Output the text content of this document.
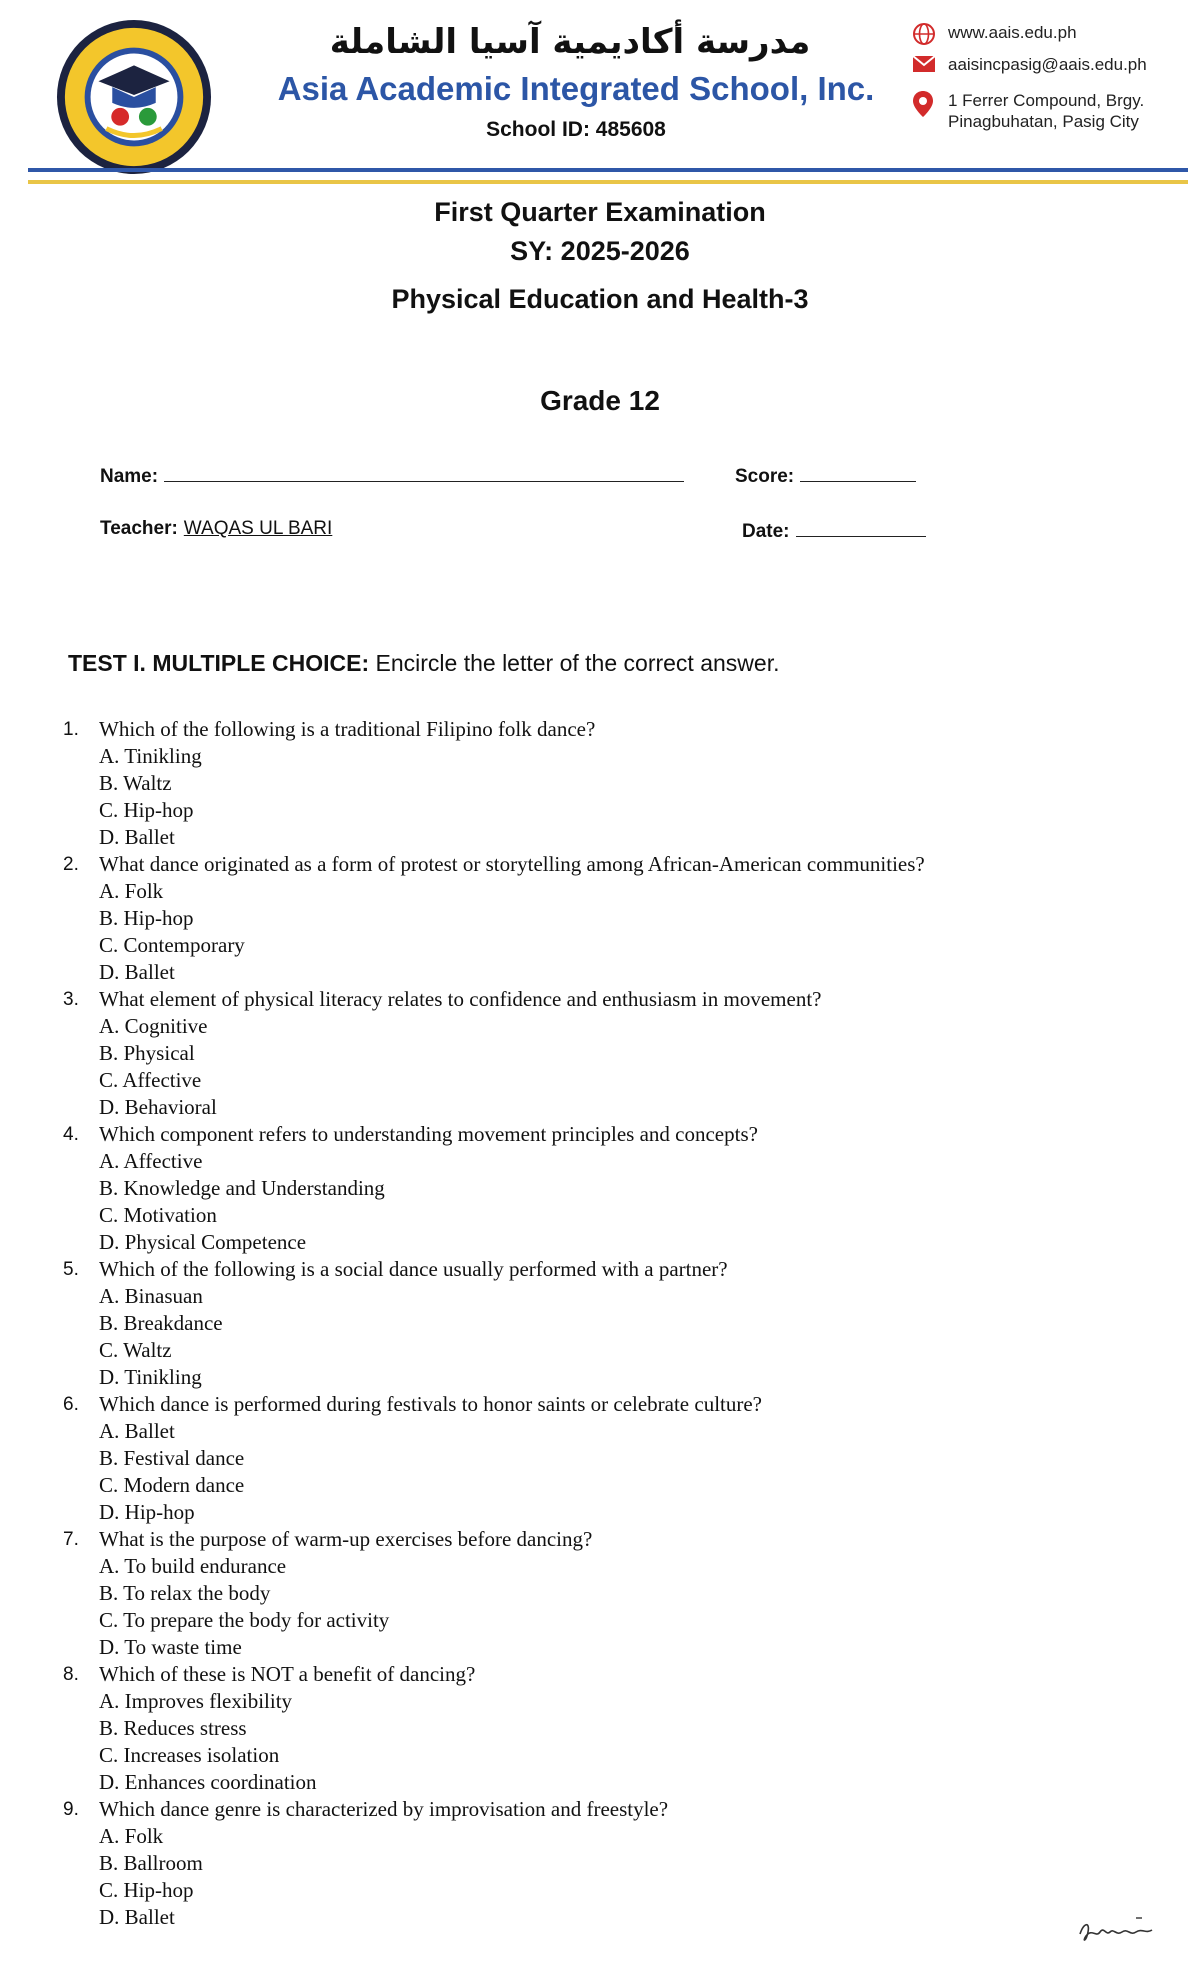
مدرسة أكاديمية آسيا الشاملة
Asia Academic Integrated School, Inc.
School ID: 485608
www.aais.edu.ph
aaisincpasig@aais.edu.ph
1 Ferrer Compound, Brgy.
Pinagbuhatan, Pasig City
First Quarter Examination
SY: 2025-2026
Physical Education and Health-3
Grade 12
Name:	Score:
Teacher: WAQAS UL BARI	Date:
TEST I. MULTIPLE CHOICE: Encircle the letter of the correct answer.
1. Which of the following is a traditional Filipino folk dance?
A. Tinikling
B. Waltz
C. Hip-hop
D. Ballet
2. What dance originated as a form of protest or storytelling among African-American communities?
A. Folk
B. Hip-hop
C. Contemporary
D. Ballet
3. What element of physical literacy relates to confidence and enthusiasm in movement?
A. Cognitive
B. Physical
C. Affective
D. Behavioral
4. Which component refers to understanding movement principles and concepts?
A. Affective
B. Knowledge and Understanding
C. Motivation
D. Physical Competence
5. Which of the following is a social dance usually performed with a partner?
A. Binasuan
B. Breakdance
C. Waltz
D. Tinikling
6. Which dance is performed during festivals to honor saints or celebrate culture?
A. Ballet
B. Festival dance
C. Modern dance
D. Hip-hop
7. What is the purpose of warm-up exercises before dancing?
A. To build endurance
B. To relax the body
C. To prepare the body for activity
D. To waste time
8. Which of these is NOT a benefit of dancing?
A. Improves flexibility
B. Reduces stress
C. Increases isolation
D. Enhances coordination
9. Which dance genre is characterized by improvisation and freestyle?
A. Folk
B. Ballroom
C. Hip-hop
D. Ballet
